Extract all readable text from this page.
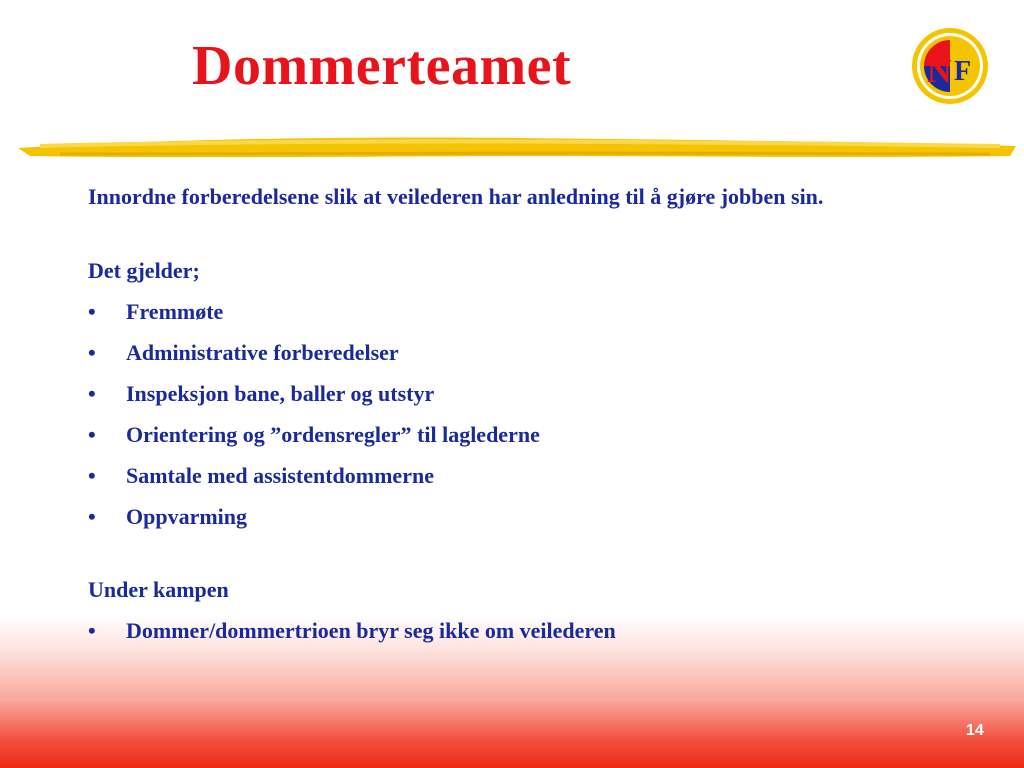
Dommerteamet	N F

Innordne forberedelsene slik at veilederen har anledning til å gjøre jobben sin.

Det gjelder;

•	Fremmøte
•	Administrative forberedelser
•	Inspeksjon bane, baller og utstyr
•	Orientering og ”ordensregler” til laglederne
•	Samtale med assistentdommerne
•	Oppvarming

Under kampen

•	Dommer/dommertrioen bryr seg ikke om veilederen
14
